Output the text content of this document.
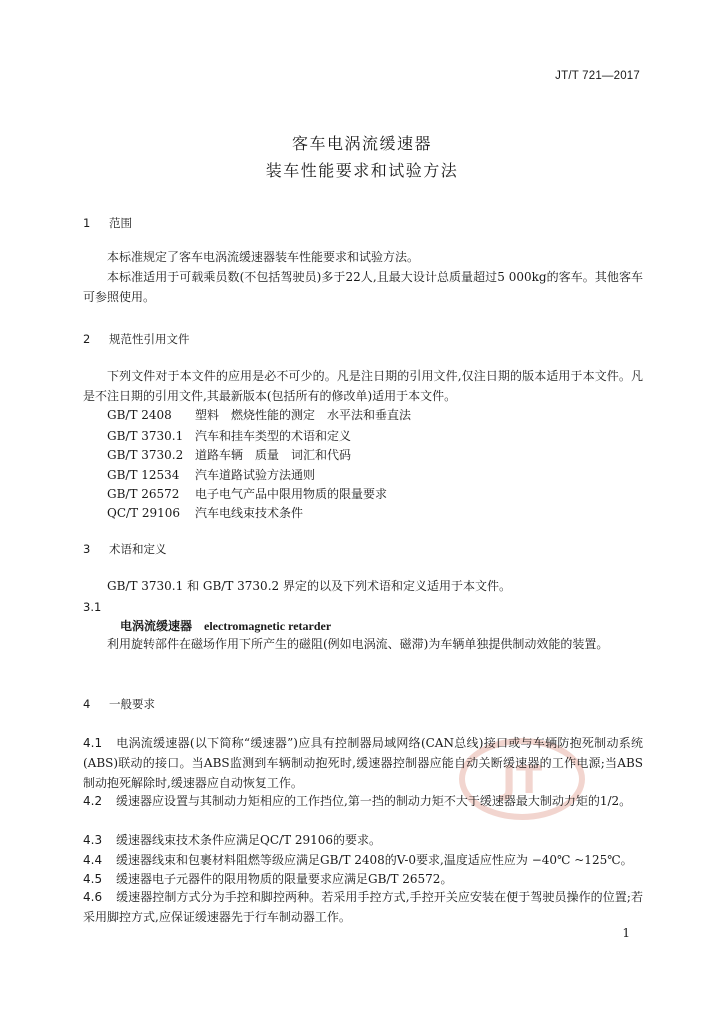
JT/T 721—2017
客车电涡流缓速器
装车性能要求和试验方法
1 范围
本标准规定了客车电涡流缓速器装车性能要求和试验方法。
本标准适用于可载乘员数(不包括驾驶员)多于22人,且最大设计总质量超过5 000kg的客车。其他客车可参照使用。
2 规范性引用文件
下列文件对于本文件的应用是必不可少的。凡是注日期的引用文件,仅注日期的版本适用于本文件。凡是不注日期的引用文件,其最新版本(包括所有的修改单)适用于本文件。
GB/T 2408 塑料　燃烧性能的测定　水平法和垂直法
GB/T 3730.1 汽车和挂车类型的术语和定义
GB/T 3730.2 道路车辆　质量　词汇和代码
GB/T 12534 汽车道路试验方法通则
GB/T 26572 电子电气产品中限用物质的限量要求
QC/T 29106 汽车电线束技术条件
3 术语和定义
GB/T 3730.1 和 GB/T 3730.2 界定的以及下列术语和定义适用于本文件。
3.1
电涡流缓速器 electromagnetic retarder
利用旋转部件在磁场作用下所产生的磁阻(例如电涡流、磁滞)为车辆单独提供制动效能的装置。
JT
4 一般要求
4.1 电涡流缓速器(以下简称“缓速器”)应具有控制器局域网络(CAN总线)接口或与车辆防抱死制动系统(ABS)联动的接口。当ABS监测到车辆制动抱死时,缓速器控制器应能自动关断缓速器的工作电源;当ABS制动抱死解除时,缓速器应自动恢复工作。
4.2 缓速器应设置与其制动力矩相应的工作挡位,第一挡的制动力矩不大于缓速器最大制动力矩的1/2。
4.3 缓速器线束技术条件应满足QC/T 29106的要求。
4.4 缓速器线束和包裹材料阻燃等级应满足GB/T 2408的V-0要求,温度适应性应为 −40℃ ~125℃。
4.5 缓速器电子元器件的限用物质的限量要求应满足GB/T 26572。
4.6 缓速器控制方式分为手控和脚控两种。若采用手控方式,手控开关应安装在便于驾驶员操作的位置;若采用脚控方式,应保证缓速器先于行车制动器工作。
1
